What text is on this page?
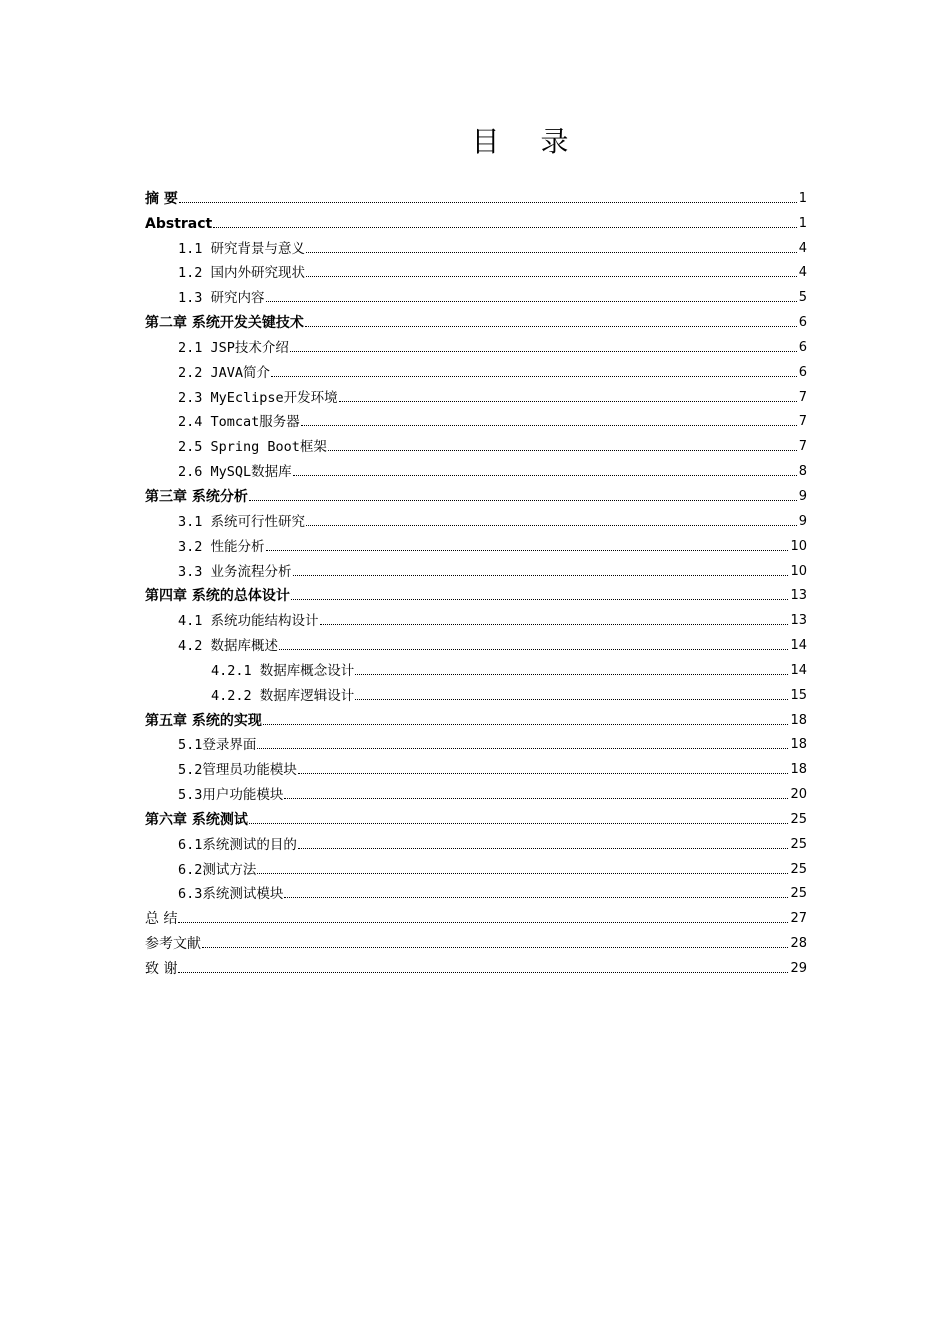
目 录
摘 要	1
Abstract	1
1.1 研究背景与意义	4
1.2 国内外研究现状	4
1.3 研究内容	5
第二章 系统开发关键技术	6
2.1 JSP技术介绍	6
2.2 JAVA简介	6
2.3 MyEclipse开发环境	7
2.4 Tomcat服务器	7
2.5 Spring Boot框架	7
2.6 MySQL数据库	8
第三章 系统分析	9
3.1 系统可行性研究	9
3.2 性能分析	10
3.3 业务流程分析	10
第四章 系统的总体设计	13
4.1 系统功能结构设计	13
4.2 数据库概述	14
4.2.1 数据库概念设计	14
4.2.2 数据库逻辑设计	15
第五章 系统的实现	18
5.1登录界面	18
5.2管理员功能模块	18
5.3用户功能模块	20
第六章 系统测试	25
6.1系统测试的目的	25
6.2测试方法	25
6.3系统测试模块	25
总 结	27
参考文献	28
致 谢	29
